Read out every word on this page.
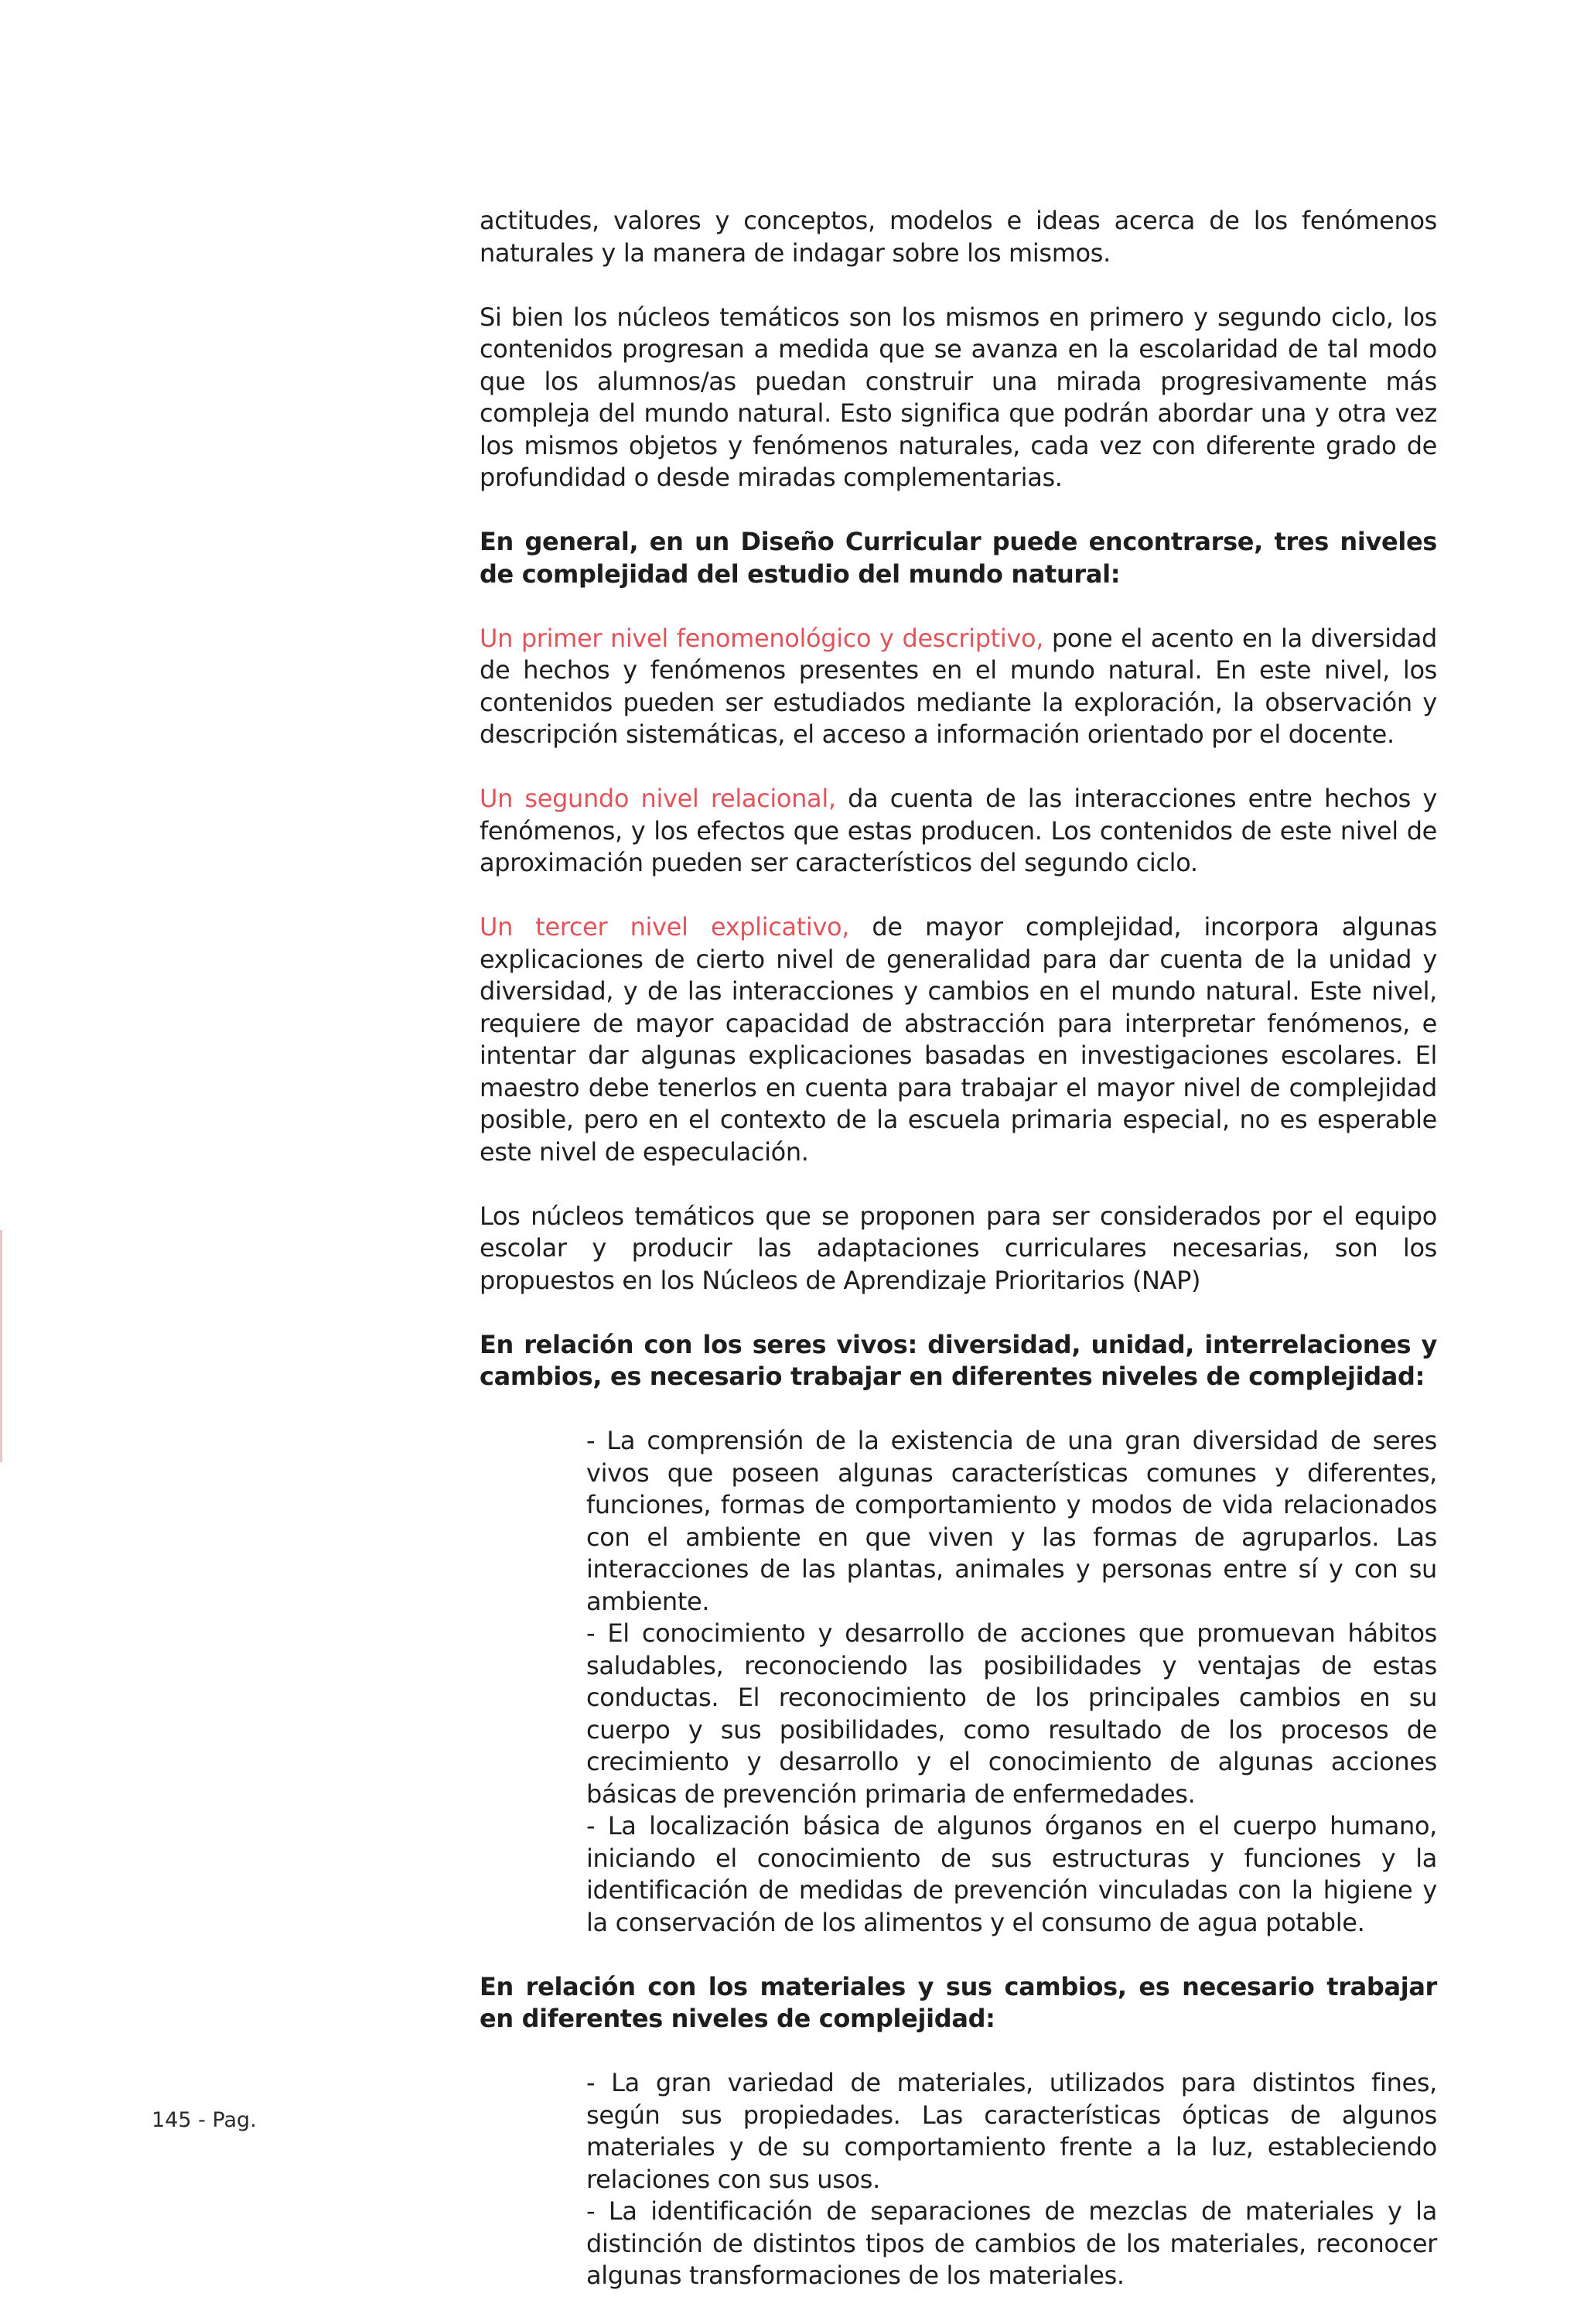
actitudes, valores y conceptos, modelos e ideas acerca de los fenómenos naturales y la manera de indagar sobre los mismos.

Si bien los núcleos temáticos son los mismos en primero y segundo ciclo, los contenidos progresan a medida que se avanza en la escolaridad de tal modo que los alumnos/as puedan construir una mirada progresivamente más compleja del mundo natural. Esto significa que podrán abordar una y otra vez los mismos objetos y fenómenos naturales, cada vez con diferente grado de profundidad o desde miradas complementarias.

En general, en un Diseño Curricular puede encontrarse, tres niveles de complejidad del estudio del mundo natural:

Un primer nivel fenomenológico y descriptivo, pone el acento en la diversidad de hechos y fenómenos presentes en el mundo natural. En este nivel, los contenidos pueden ser estudiados mediante la exploración, la observación y descripción sistemáticas, el acceso a información orientado por el docente.

Un segundo nivel relacional, da cuenta de las interacciones entre hechos y fenómenos, y los efectos que estas producen. Los contenidos de este nivel de aproximación pueden ser característicos del segundo ciclo.

Un tercer nivel explicativo, de mayor complejidad, incorpora algunas explicaciones de cierto nivel de generalidad para dar cuenta de la unidad y diversidad, y de las interacciones y cambios en el mundo natural. Este nivel, requiere de mayor capacidad de abstracción para interpretar fenómenos, e intentar dar algunas explicaciones basadas en investigaciones escolares. El maestro debe tenerlos en cuenta para trabajar el mayor nivel de complejidad posible, pero en el contexto de la escuela primaria especial, no es esperable este nivel de especulación.

Los núcleos temáticos que se proponen para ser considerados por el equipo escolar y producir las adaptaciones curriculares necesarias, son los propuestos en los Núcleos de Aprendizaje Prioritarios (NAP)

En relación con los seres vivos: diversidad, unidad, interrelaciones y cambios, es necesario trabajar en diferentes niveles de complejidad:

- La comprensión de la existencia de una gran diversidad de seres vivos que poseen algunas características comunes y diferentes, funciones, formas de comportamiento y modos de vida relacionados con el ambiente en que viven y las formas de agruparlos. Las interacciones de las plantas, animales y personas entre sí y con su ambiente.
- El conocimiento y desarrollo de acciones que promuevan hábitos saludables, reconociendo las posibilidades y ventajas de estas conductas. El reconocimiento de los principales cambios en su cuerpo y sus posibilidades, como resultado de los procesos de crecimiento y desarrollo y el conocimiento de algunas acciones básicas de prevención primaria de enfermedades.
- La localización básica de algunos órganos en el cuerpo humano, iniciando el conocimiento de sus estructuras y funciones y la identificación de medidas de prevención vinculadas con la higiene y la conservación de los alimentos y el consumo de agua potable.

En relación con los materiales y sus cambios, es necesario trabajar en diferentes niveles de complejidad:

- La gran variedad de materiales, utilizados para distintos fines, según sus propiedades. Las características ópticas de algunos materiales y de su comportamiento frente a la luz, estableciendo relaciones con sus usos.
- La identificación de separaciones de mezclas de materiales y la distinción de distintos tipos de cambios de los materiales, reconocer algunas transformaciones de los materiales.
145 - Pag.
